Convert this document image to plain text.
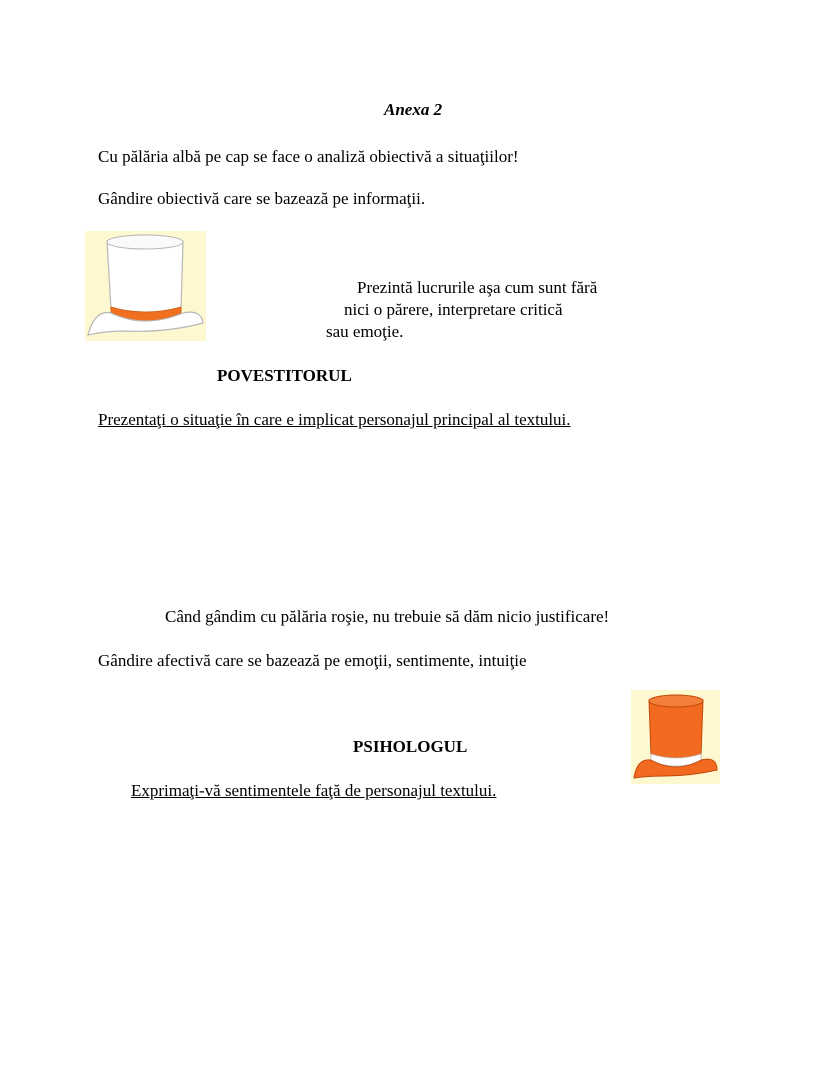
Anexa 2
Cu pălăria albă pe cap se face o analiză obiectivă a situaţiilor!
Gândire obiectivă care se bazează pe informaţii.
Prezintă lucrurile aşa cum sunt fără
nici o părere, interpretare critică
sau emoţie.
POVESTITORUL
Prezentaţi o situaţie în care e implicat personajul principal al textului.
Când gândim cu pălăria roşie, nu trebuie să dăm nicio justificare!
Gândire afectivă care se bazează pe emoţii, sentimente, intuiţie
PSIHOLOGUL
Exprimaţi-vă sentimentele faţă de personajul textului.
